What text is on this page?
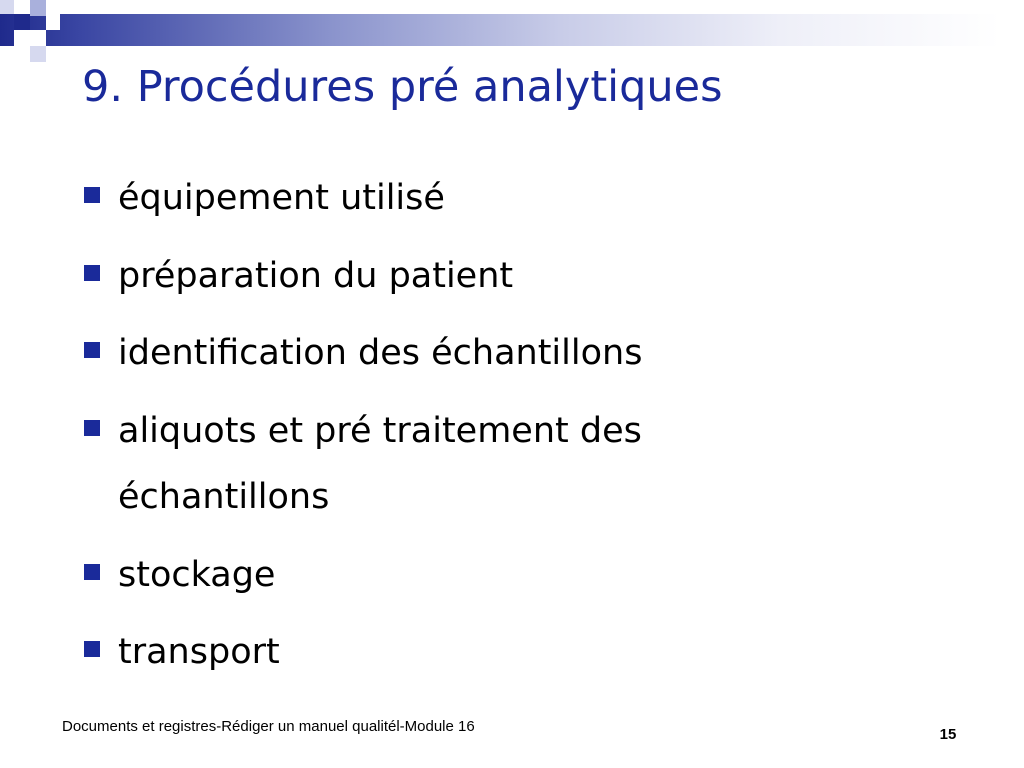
9. Procédures pré analytiques
équipement utilisé
préparation du patient
identification des échantillons
aliquots et pré traitement des échantillons
stockage
transport
Documents et registres-Rédiger un manuel qualitél-Module 16	15
